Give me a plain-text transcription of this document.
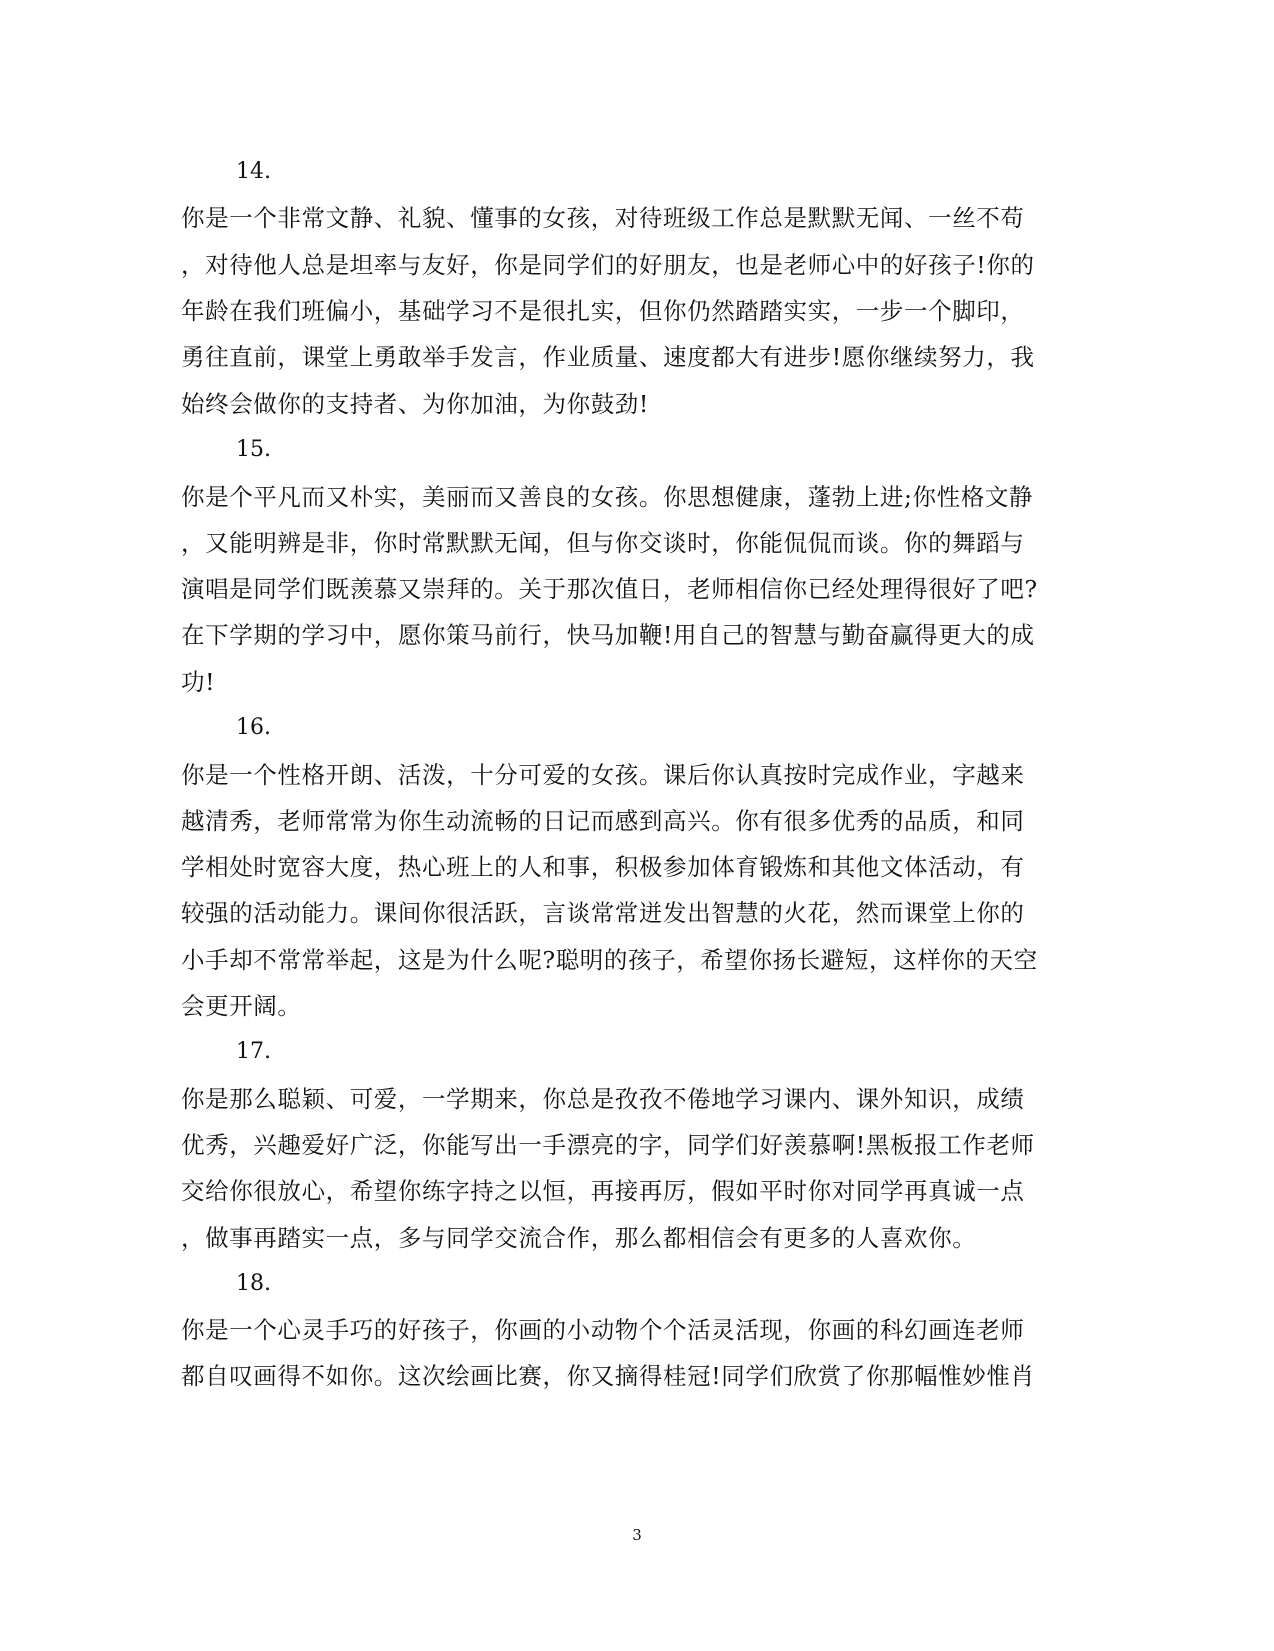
14.
你是一个非常文静、礼貌、懂事的女孩，对待班级工作总是默默无闻、一丝不苟
，对待他人总是坦率与友好，你是同学们的好朋友，也是老师心中的好孩子!你的
年龄在我们班偏小，基础学习不是很扎实，但你仍然踏踏实实，一步一个脚印，
勇往直前，课堂上勇敢举手发言，作业质量、速度都大有进步!愿你继续努力，我
始终会做你的支持者、为你加油，为你鼓劲!
15.
你是个平凡而又朴实，美丽而又善良的女孩。你思想健康，蓬勃上进;你性格文静
，又能明辨是非，你时常默默无闻，但与你交谈时，你能侃侃而谈。你的舞蹈与
演唱是同学们既羡慕又崇拜的。关于那次值日，老师相信你已经处理得很好了吧?
在下学期的学习中，愿你策马前行，快马加鞭!用自己的智慧与勤奋赢得更大的成
功!
16.
你是一个性格开朗、活泼，十分可爱的女孩。课后你认真按时完成作业，字越来
越清秀，老师常常为你生动流畅的日记而感到高兴。你有很多优秀的品质，和同
学相处时宽容大度，热心班上的人和事，积极参加体育锻炼和其他文体活动，有
较强的活动能力。课间你很活跃，言谈常常迸发出智慧的火花，然而课堂上你的
小手却不常常举起，这是为什么呢?聪明的孩子，希望你扬长避短，这样你的天空
会更开阔。
17.
你是那么聪颖、可爱，一学期来，你总是孜孜不倦地学习课内、课外知识，成绩
优秀，兴趣爱好广泛，你能写出一手漂亮的字，同学们好羡慕啊!黑板报工作老师
交给你很放心，希望你练字持之以恒，再接再厉，假如平时你对同学再真诚一点
，做事再踏实一点，多与同学交流合作，那么都相信会有更多的人喜欢你。
18.
你是一个心灵手巧的好孩子，你画的小动物个个活灵活现，你画的科幻画连老师
都自叹画得不如你。这次绘画比赛，你又摘得桂冠!同学们欣赏了你那幅惟妙惟肖
3
